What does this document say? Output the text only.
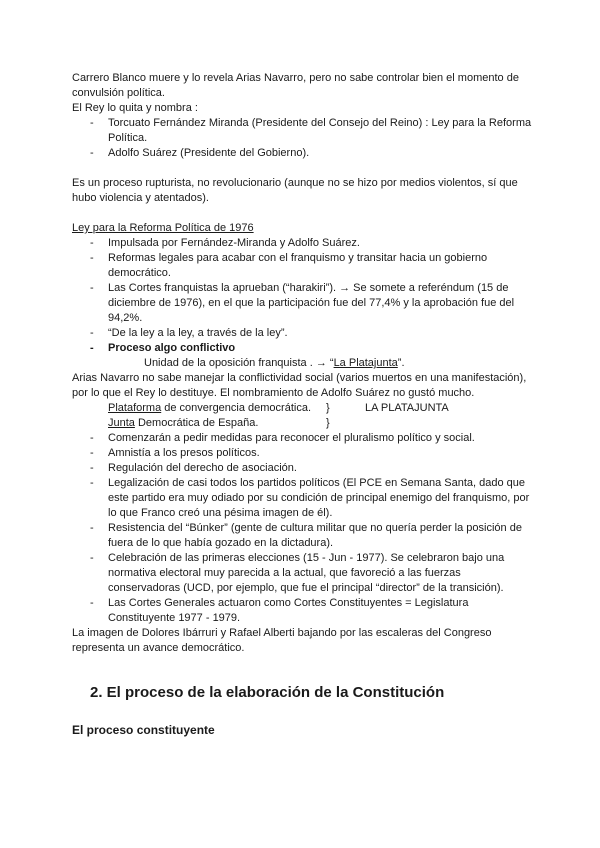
Carrero Blanco muere y lo revela Arias Navarro, pero no sabe controlar bien el momento de convulsión política.

El Rey lo quita y nombra :

- Torcuato Fernández Miranda (Presidente del Consejo del Reino) : Ley para la Reforma Política.
- Adolfo Suárez (Presidente del Gobierno).

Es un proceso rupturista, no revolucionario (aunque no se hizo por medios violentos, sí que hubo violencia y atentados).

Ley para la Reforma Política de 1976

- Impulsada por Fernández-Miranda y Adolfo Suárez.
- Reformas legales para acabar con el franquismo y transitar hacia un gobierno democrático.
- Las Cortes franquistas la aprueban (“harakiri”). → Se somete a referéndum (15 de diciembre de 1976), en el que la participación fue del 77,4% y la aprobación fue del 94,2%.
- “De la ley a la ley, a través de la ley”.
- Proceso algo conflictivo

Unidad de la oposición franquista . → “La Platajunta”.

Arias Navarro no sabe manejar la conflictividad social (varios muertos en una manifestación), por lo que el Rey lo destituye. El nombramiento de Adolfo Suárez no gustó mucho.

Plataforma de convergencia democrática. }	LA PLATAJUNTA
Junta Democrática de España.	}
- Comenzarán a pedir medidas para reconocer el pluralismo político y social.
- Amnistía a los presos políticos.
- Regulación del derecho de asociación.
- Legalización de casi todos los partidos políticos (El PCE en Semana Santa, dado que este partido era muy odiado por su condición de principal enemigo del franquismo, por lo que Franco creó una pésima imagen de él).
- Resistencia del “Búnker” (gente de cultura militar que no quería perder la posición de fuera de lo que había gozado en la dictadura).
- Celebración de las primeras elecciones (15 - Jun - 1977). Se celebraron bajo una normativa electoral muy parecida a la actual, que favoreció a las fuerzas conservadoras (UCD, por ejemplo, que fue el principal “director” de la transición).
- Las Cortes Generales actuaron como Cortes Constituyentes = Legislatura Constituyente 1977 - 1979.

La imagen de Dolores Ibárruri y Rafael Alberti bajando por las escaleras del Congreso representa un avance democrático.

2. El proceso de la elaboración de la Constitución
El proceso constituyente
